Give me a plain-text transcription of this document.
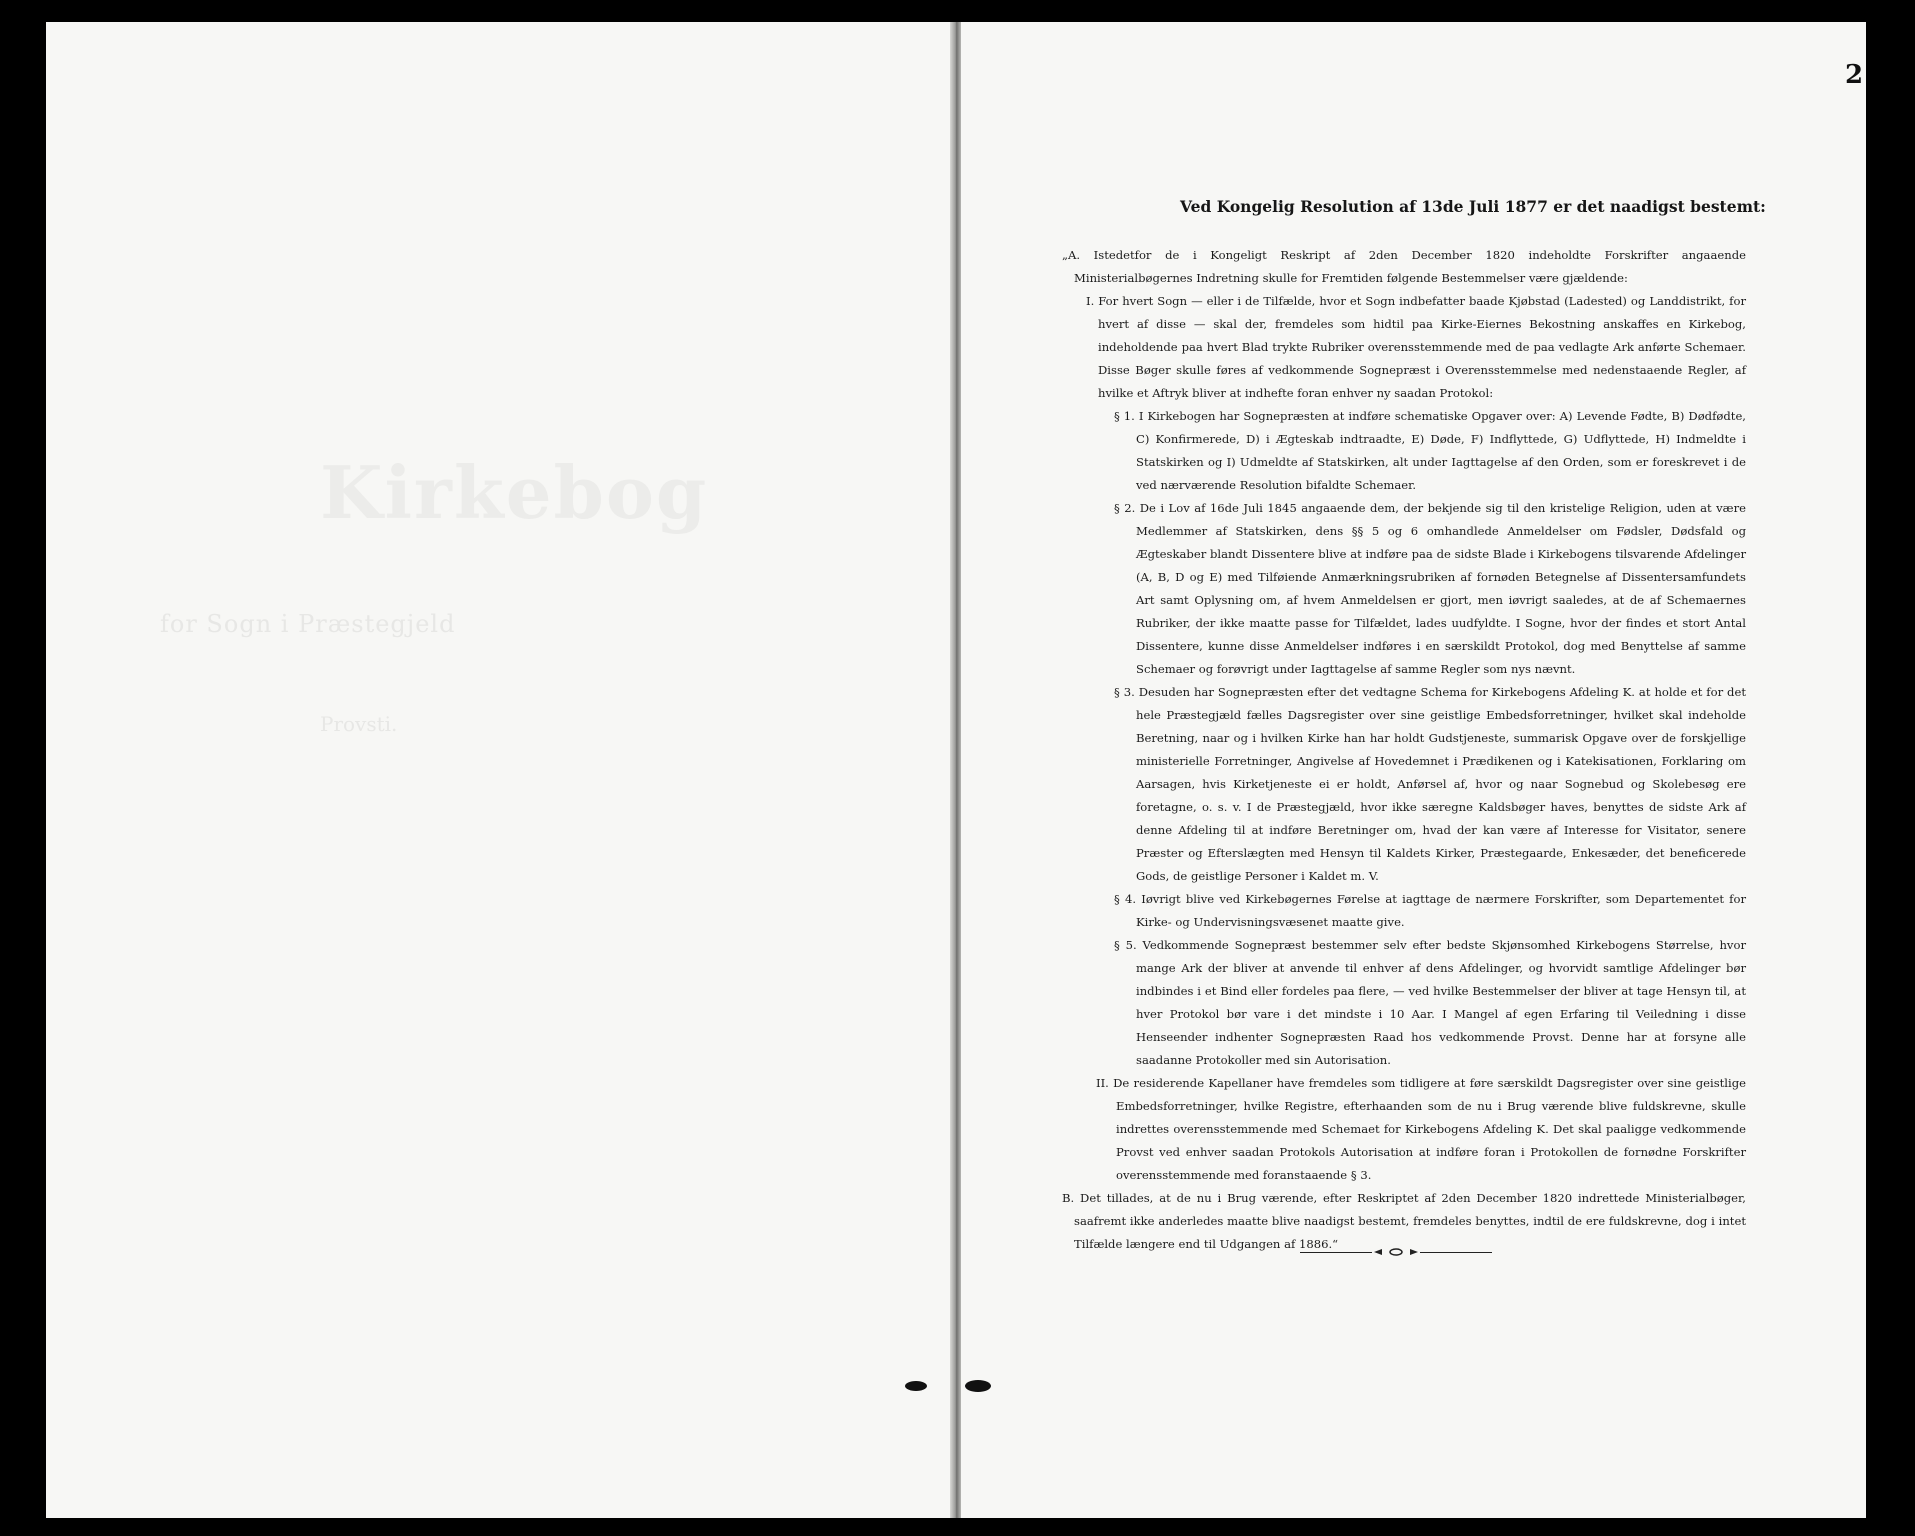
Kirkebog
for Sogn i Præstegjeld
Provsti.
2
Ved Kongelig Resolution af 13de Juli 1877 er det naadigst bestemt:

„A. Istedetfor de i Kongeligt Reskript af 2den December 1820 indeholdte Forskrifter angaaende Ministerialbøgernes Indretning skulle for Fremtiden følgende Bestemmelser være gjældende:

I. For hvert Sogn — eller i de Tilfælde, hvor et Sogn indbefatter baade Kjøbstad (Ladested) og Landdistrikt, for hvert af disse — skal der, fremdeles som hidtil paa Kirke-Eiernes Bekostning anskaffes en Kirkebog, indeholdende paa hvert Blad trykte Rubriker overensstemmende med de paa vedlagte Ark anførte Schemaer. Disse Bøger skulle føres af vedkommende Sognepræst i Overensstemmelse med nedenstaaende Regler, af hvilke et Aftryk bliver at indhefte foran enhver ny saadan Protokol:

§ 1. I Kirkebogen har Sognepræsten at indføre schematiske Opgaver over: A) Levende Fødte, B) Dødfødte, C) Konfirmerede, D) i Ægteskab indtraadte, E) Døde, F) Indflyttede, G) Udflyttede, H) Indmeldte i Statskirken og I) Udmeldte af Statskirken, alt under Iagttagelse af den Orden, som er foreskrevet i de ved nærværende Resolution bifaldte Schemaer.

§ 2. De i Lov af 16de Juli 1845 angaaende dem, der bekjende sig til den kristelige Religion, uden at være Medlemmer af Statskirken, dens §§ 5 og 6 omhandlede Anmeldelser om Fødsler, Dødsfald og Ægteskaber blandt Dissentere blive at indføre paa de sidste Blade i Kirkebogens tilsvarende Afdelinger (A, B, D og E) med Tilføiende Anmærkningsrubriken af fornøden Betegnelse af Dissentersamfundets Art samt Oplysning om, af hvem Anmeldelsen er gjort, men iøvrigt saaledes, at de af Schemaernes Rubriker, der ikke maatte passe for Tilfældet, lades uudfyldte. I Sogne, hvor der findes et stort Antal Dissentere, kunne disse Anmeldelser indføres i en særskildt Protokol, dog med Benyttelse af samme Schemaer og forøvrigt under Iagttagelse af samme Regler som nys nævnt.

§ 3. Desuden har Sognepræsten efter det vedtagne Schema for Kirkebogens Afdeling K. at holde et for det hele Præstegjæld fælles Dagsregister over sine geistlige Embedsforretninger, hvilket skal indeholde Beretning, naar og i hvilken Kirke han har holdt Gudstjeneste, summarisk Opgave over de forskjellige ministerielle Forretninger, Angivelse af Hovedemnet i Prædikenen og i Katekisationen, Forklaring om Aarsagen, hvis Kirketjeneste ei er holdt, Anførsel af, hvor og naar Sognebud og Skolebesøg ere foretagne, o. s. v. I de Præstegjæld, hvor ikke særegne Kaldsbøger haves, benyttes de sidste Ark af denne Afdeling til at indføre Beretninger om, hvad der kan være af Interesse for Visitator, senere Præster og Efterslægten med Hensyn til Kaldets Kirker, Præstegaarde, Enkesæder, det beneficerede Gods, de geistlige Personer i Kaldet m. V.

§ 4. Iøvrigt blive ved Kirkebøgernes Førelse at iagttage de nærmere Forskrifter, som Departementet for Kirke- og Undervisningsvæsenet maatte give.

§ 5. Vedkommende Sognepræst bestemmer selv efter bedste Skjønsomhed Kirkebogens Størrelse, hvor mange Ark der bliver at anvende til enhver af dens Afdelinger, og hvorvidt samtlige Afdelinger bør indbindes i et Bind eller fordeles paa flere, — ved hvilke Bestemmelser der bliver at tage Hensyn til, at hver Protokol bør vare i det mindste i 10 Aar. I Mangel af egen Erfaring til Veiledning i disse Henseender indhenter Sognepræsten Raad hos vedkommende Provst. Denne har at forsyne alle saadanne Protokoller med sin Autorisation.

II. De residerende Kapellaner have fremdeles som tidligere at føre særskildt Dagsregister over sine geistlige Embedsforretninger, hvilke Registre, efterhaanden som de nu i Brug værende blive fuldskrevne, skulle indrettes overensstemmende med Schemaet for Kirkebogens Afdeling K. Det skal paaligge vedkommende Provst ved enhver saadan Protokols Autorisation at indføre foran i Protokollen de fornødne Forskrifter overensstemmende med foranstaaende § 3.

B. Det tillades, at de nu i Brug værende, efter Reskriptet af 2den December 1820 indrettede Ministerialbøger, saafremt ikke anderledes maatte blive naadigst bestemt, fremdeles benyttes, indtil de ere fuldskrevne, dog i intet Tilfælde længere end til Udgangen af 1886.“
